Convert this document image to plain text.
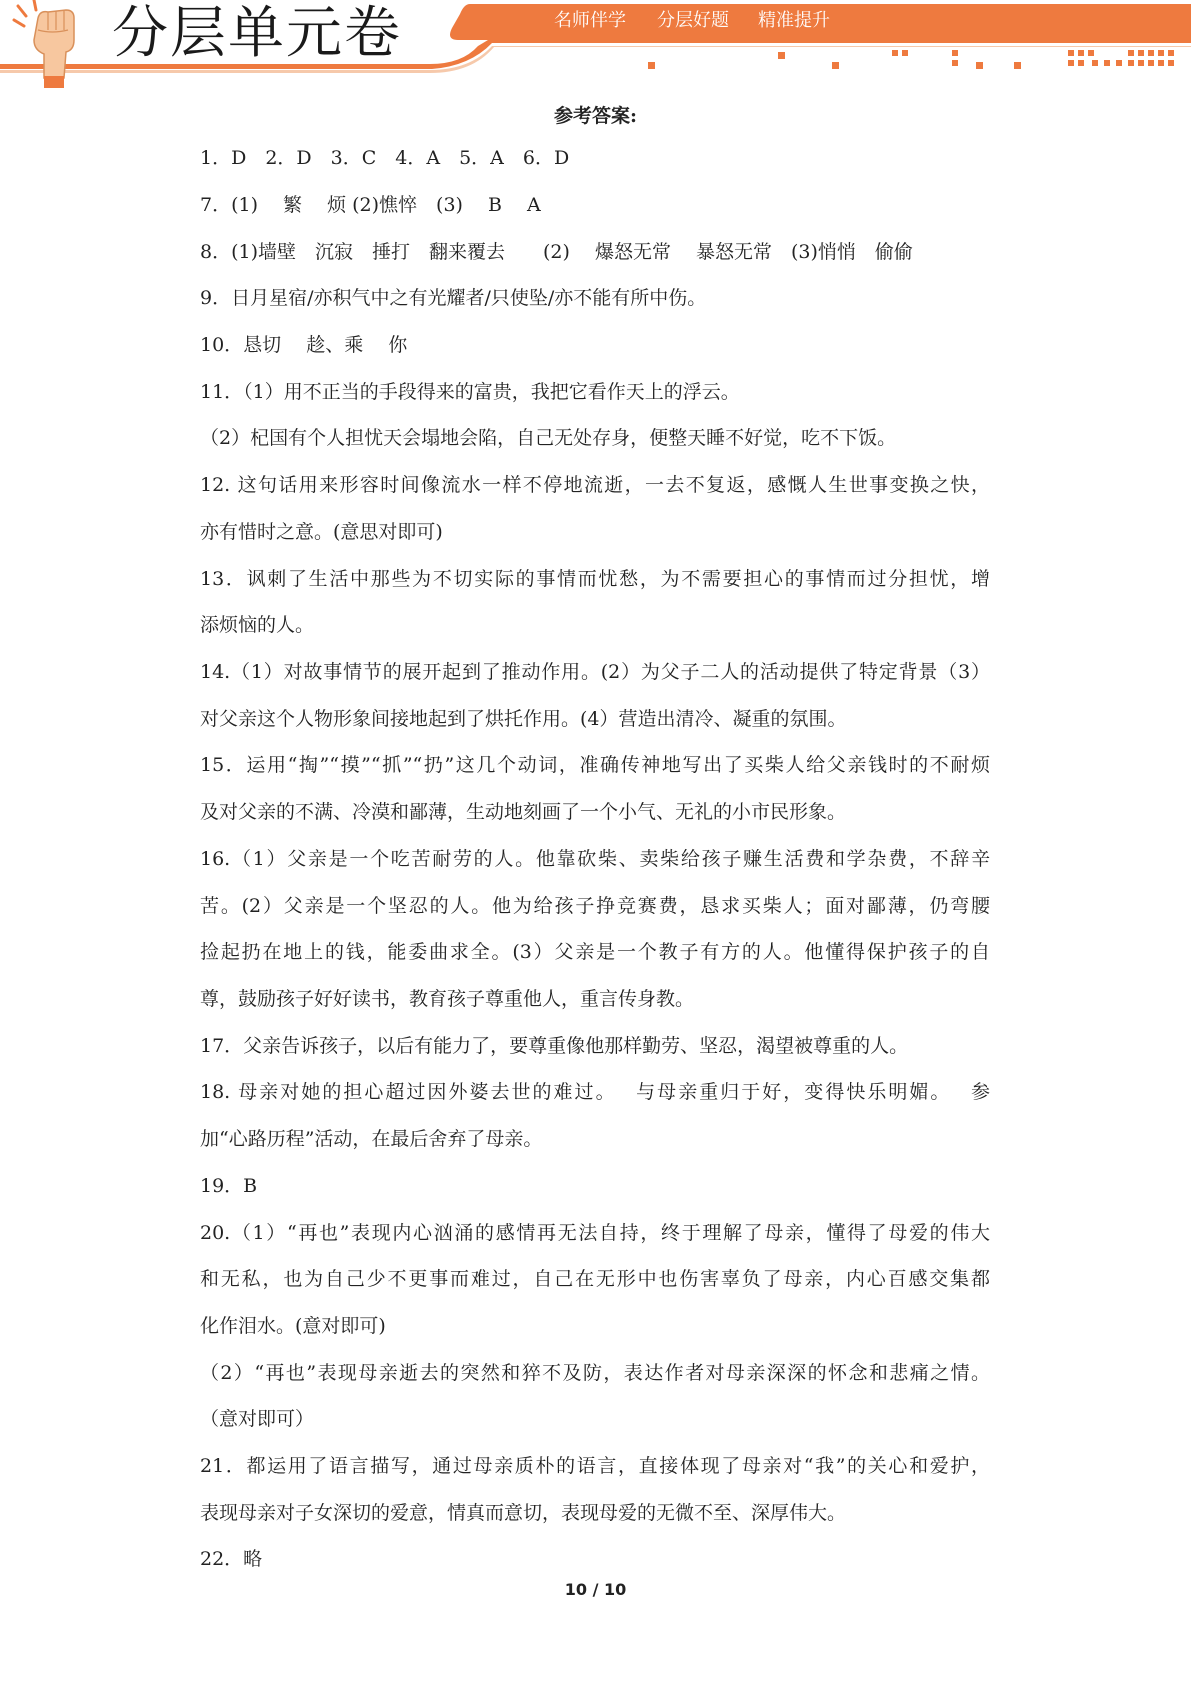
分层单元卷	名师伴学 分层好题 精准提升
参考答案:
1．D　2．D　3．C　4．A　5．A　6．D
7．(1)　 繁　 烦 (2)憔悴　(3)　 B　 A
8．(1)墙壁　沉寂　捶打　翻来覆去　　(2)　 爆怒无常　 暴怒无常　(3)悄悄　偷偷
9．日月星宿/亦积气中之有光耀者/只使坠/亦不能有所中伤。
10．恳切　 趁、乘　 你
11．（1）用不正当的手段得来的富贵，我把它看作天上的浮云。
（2）杞国有个人担忧天会塌地会陷，自己无处存身，便整天睡不好觉，吃不下饭。
12. 这句话用来形容时间像流水一样不停地流逝，一去不复返，感慨人生世事变换之快，
亦有惜时之意。(意思对即可)
13．讽刺了生活中那些为不切实际的事情而忧愁，为不需要担心的事情而过分担忧，增
添烦恼的人。
14.（1）对故事情节的展开起到了推动作用。(2）为父子二人的活动提供了特定背景（3）
对父亲这个人物形象间接地起到了烘托作用。(4）营造出清冷、凝重的氛围。
15．运用“掏”“摸”“抓”“扔”这几个动词，准确传神地写出了买柴人给父亲钱时的不耐烦
及对父亲的不满、冷漠和鄙薄，生动地刻画了一个小气、无礼的小市民形象。
16.（1）父亲是一个吃苦耐劳的人。他靠砍柴、卖柴给孩子赚生活费和学杂费，不辞辛
苦。(2）父亲是一个坚忍的人。他为给孩子挣竞赛费，恳求买柴人；面对鄙薄，仍弯腰
捡起扔在地上的钱，能委曲求全。(3）父亲是一个教子有方的人。他懂得保护孩子的自
尊，鼓励孩子好好读书，教育孩子尊重他人，重言传身教。
17．父亲告诉孩子，以后有能力了，要尊重像他那样勤劳、坚忍，渴望被尊重的人。
18. 母亲对她的担心超过因外婆去世的难过。　 与母亲重归于好，变得快乐明媚。　 参
加“心路历程”活动，在最后舍弃了母亲。
19．B
20.（1）“再也”表现内心汹涌的感情再无法自持，终于理解了母亲，懂得了母爱的伟大
和无私，也为自己少不更事而难过，自己在无形中也伤害辜负了母亲，内心百感交集都
化作泪水。(意对即可)
（2）“再也”表现母亲逝去的突然和猝不及防，表达作者对母亲深深的怀念和悲痛之情。
（意对即可）
21．都运用了语言描写，通过母亲质朴的语言，直接体现了母亲对“我”的关心和爱护，
表现母亲对子女深切的爱意，情真而意切，表现母爱的无微不至、深厚伟大。
22．略
10 / 10
